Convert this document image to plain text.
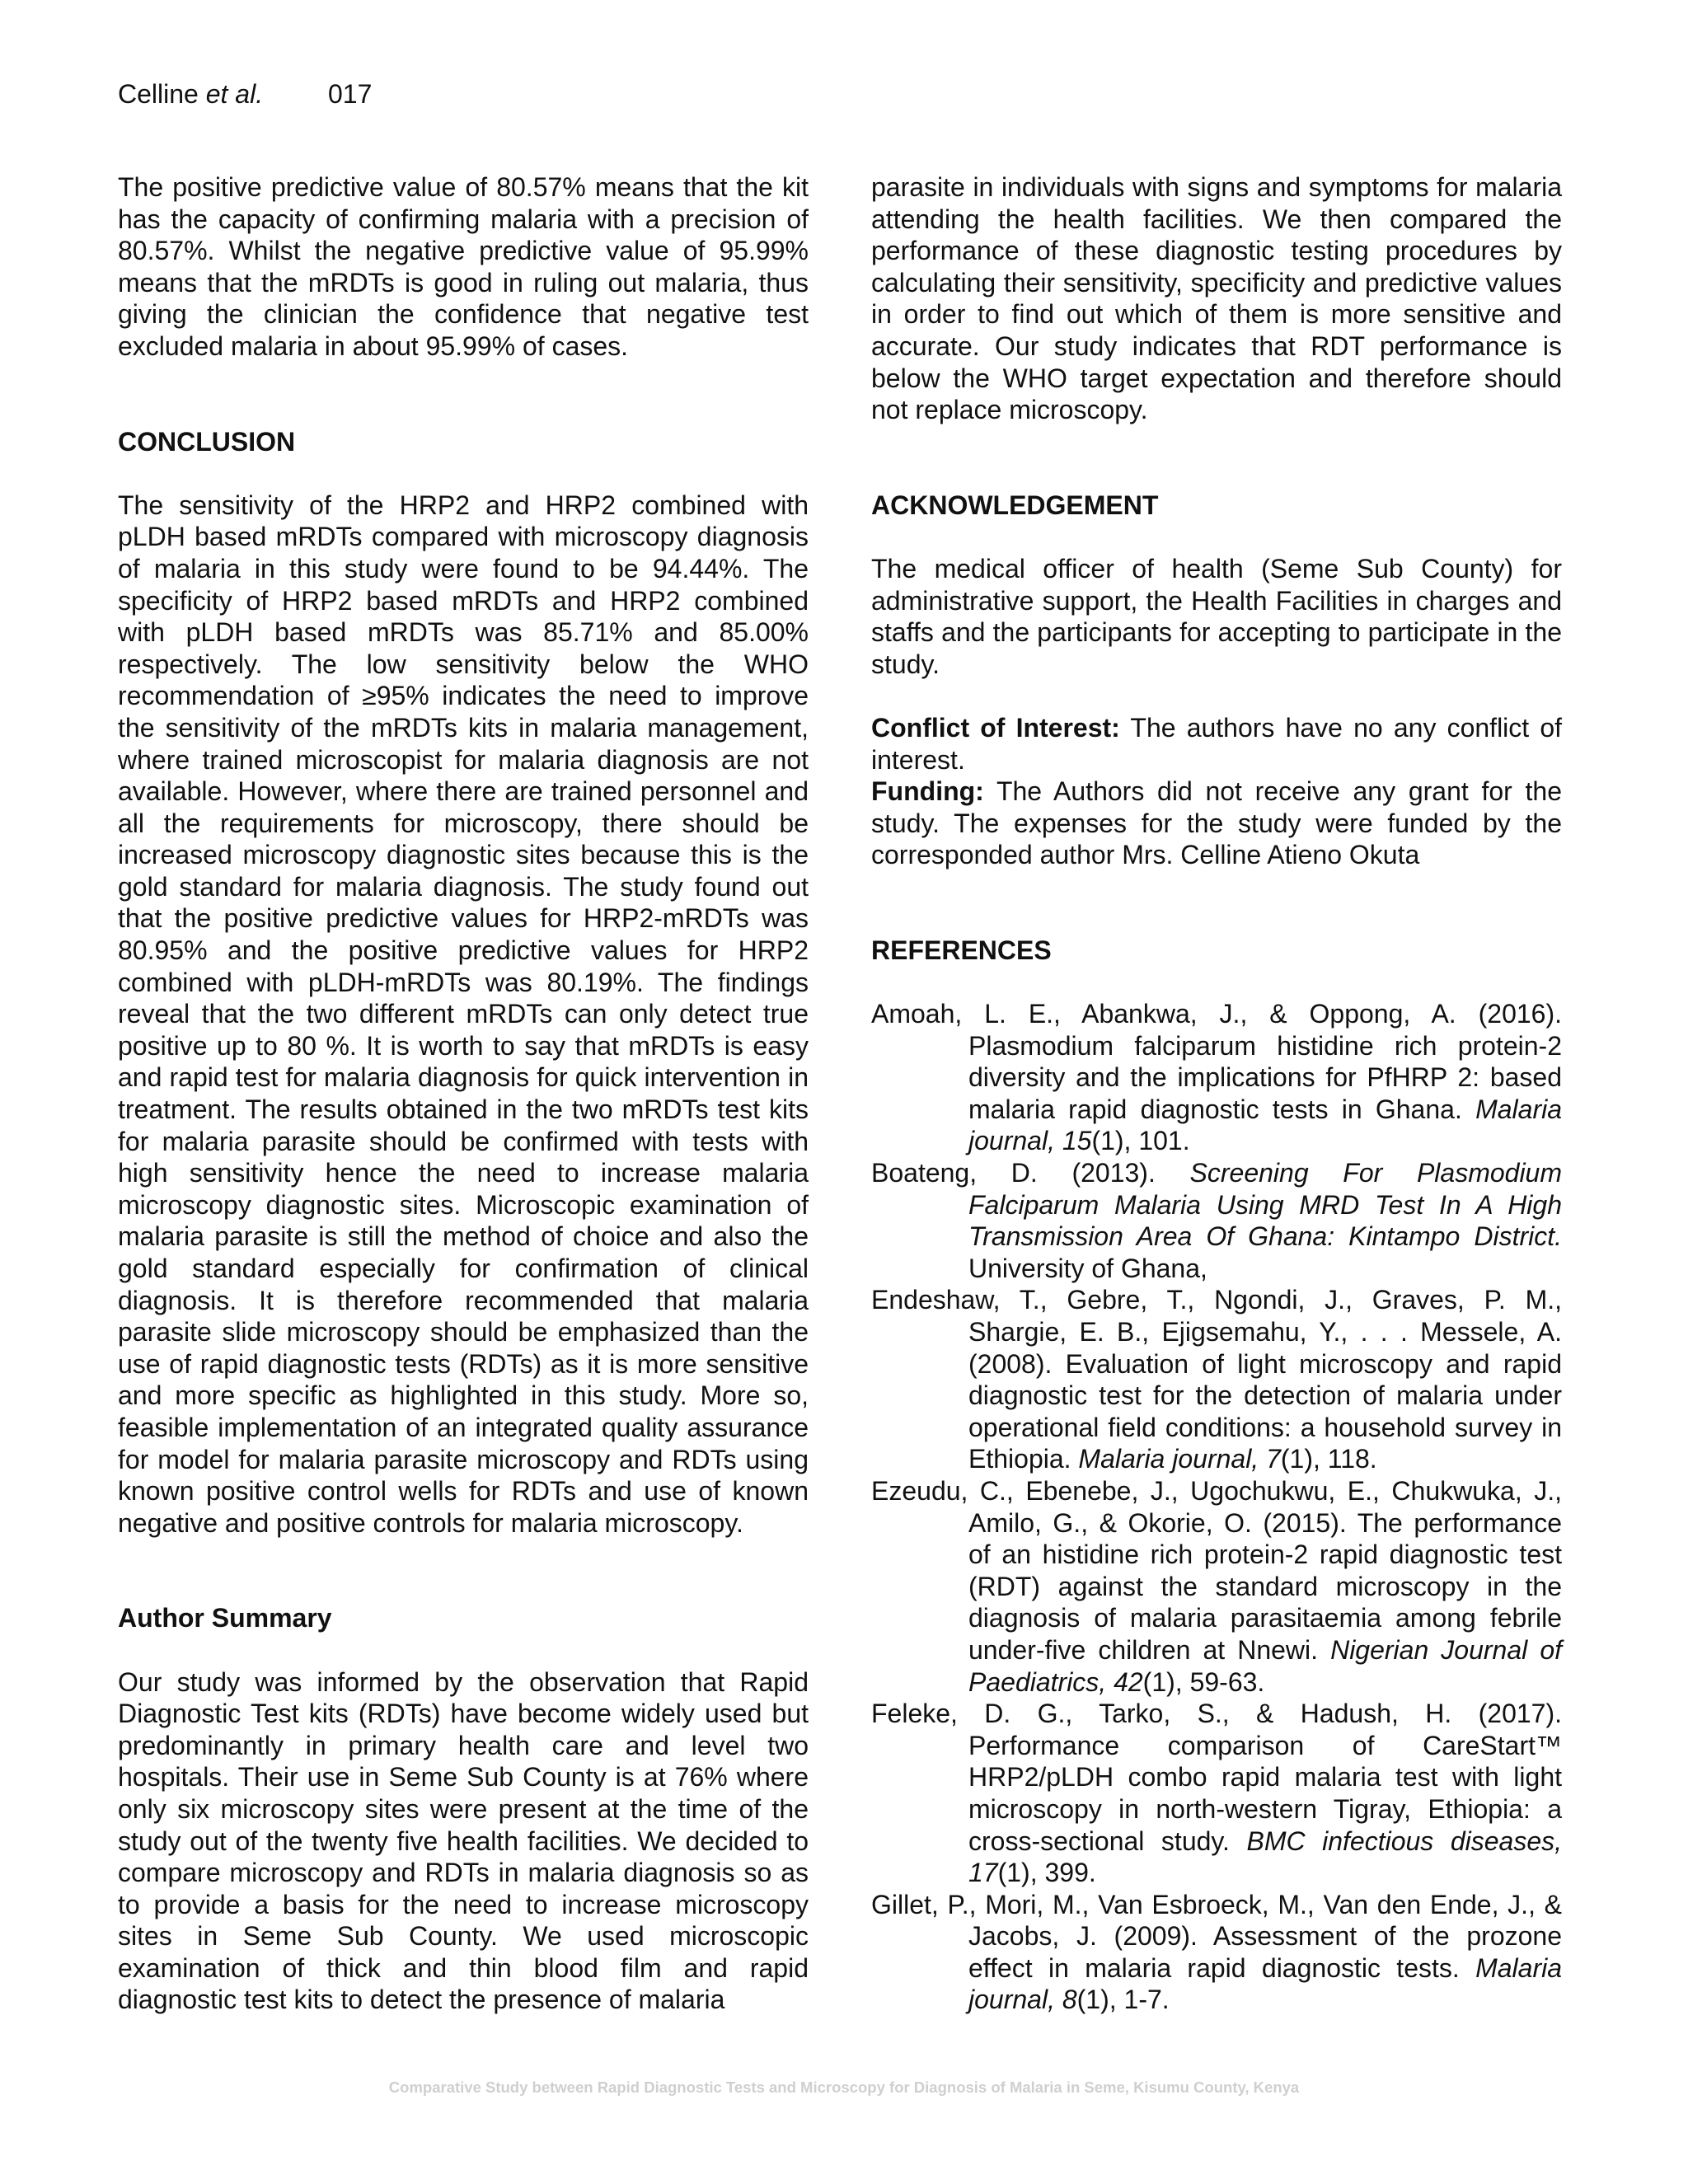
Celline et al. 017

The positive predictive value of 80.57% means that the kit has the capacity of confirming malaria with a precision of 80.57%. Whilst the negative predictive value of 95.99% means that the mRDTs is good in ruling out malaria, thus giving the clinician the confidence that negative test excluded malaria in about 95.99% of cases.

CONCLUSION

The sensitivity of the HRP2 and HRP2 combined with pLDH based mRDTs compared with microscopy diagnosis of malaria in this study were found to be 94.44%. The specificity of HRP2 based mRDTs and HRP2 combined with pLDH based mRDTs was 85.71% and 85.00% respectively. The low sensitivity below the WHO recommendation of ≥95% indicates the need to improve the sensitivity of the mRDTs kits in malaria management, where trained microscopist for malaria diagnosis are not available. However, where there are trained personnel and all the requirements for microscopy, there should be increased microscopy diagnostic sites because this is the gold standard for malaria diagnosis. The study found out that the positive predictive values for HRP2-mRDTs was 80.95% and the positive predictive values for HRP2 combined with pLDH-mRDTs was 80.19%. The findings reveal that the two different mRDTs can only detect true positive up to 80 %. It is worth to say that mRDTs is easy and rapid test for malaria diagnosis for quick intervention in treatment. The results obtained in the two mRDTs test kits for malaria parasite should be confirmed with tests with high sensitivity hence the need to increase malaria microscopy diagnostic sites. Microscopic examination of malaria parasite is still the method of choice and also the gold standard especially for confirmation of clinical diagnosis. It is therefore recommended that malaria parasite slide microscopy should be emphasized than the use of rapid diagnostic tests (RDTs) as it is more sensitive and more specific as highlighted in this study. More so, feasible implementation of an integrated quality assurance for model for malaria parasite microscopy and RDTs using known positive control wells for RDTs and use of known negative and positive controls for malaria microscopy.

Author Summary

Our study was informed by the observation that Rapid Diagnostic Test kits (RDTs) have become widely used but predominantly in primary health care and level two hospitals. Their use in Seme Sub County is at 76% where only six microscopy sites were present at the time of the study out of the twenty five health facilities. We decided to compare microscopy and RDTs in malaria diagnosis so as to provide a basis for the need to increase microscopy sites in Seme Sub County. We used microscopic examination of thick and thin blood film and rapid diagnostic test kits to detect the presence of malaria

parasite in individuals with signs and symptoms for malaria attending the health facilities. We then compared the performance of these diagnostic testing procedures by calculating their sensitivity, specificity and predictive values in order to find out which of them is more sensitive and accurate. Our study indicates that RDT performance is below the WHO target expectation and therefore should not replace microscopy.

ACKNOWLEDGEMENT

The medical officer of health (Seme Sub County) for administrative support, the Health Facilities in charges and staffs and the participants for accepting to participate in the study.

Conflict of Interest: The authors have no any conflict of interest.

Funding: The Authors did not receive any grant for the study. The expenses for the study were funded by the corresponded author Mrs. Celline Atieno Okuta

REFERENCES

Amoah, L. E., Abankwa, J., & Oppong, A. (2016). Plasmodium falciparum histidine rich protein-2 diversity and the implications for PfHRP 2: based malaria rapid diagnostic tests in Ghana. Malaria journal, 15(1), 101.

Boateng, D. (2013). Screening For Plasmodium Falciparum Malaria Using MRD Test In A High Transmission Area Of Ghana: Kintampo District. University of Ghana,

Endeshaw, T., Gebre, T., Ngondi, J., Graves, P. M., Shargie, E. B., Ejigsemahu, Y., . . . Messele, A. (2008). Evaluation of light microscopy and rapid diagnostic test for the detection of malaria under operational field conditions: a household survey in Ethiopia. Malaria journal, 7(1), 118.

Ezeudu, C., Ebenebe, J., Ugochukwu, E., Chukwuka, J., Amilo, G., & Okorie, O. (2015). The performance of an histidine rich protein-2 rapid diagnostic test (RDT) against the standard microscopy in the diagnosis of malaria parasitaemia among febrile under-five children at Nnewi. Nigerian Journal of Paediatrics, 42(1), 59-63.

Feleke, D. G., Tarko, S., & Hadush, H. (2017). Performance comparison of CareStart™ HRP2/pLDH combo rapid malaria test with light microscopy in north-western Tigray, Ethiopia: a cross-sectional study. BMC infectious diseases, 17(1), 399.

Gillet, P., Mori, M., Van Esbroeck, M., Van den Ende, J., & Jacobs, J. (2009). Assessment of the prozone effect in malaria rapid diagnostic tests. Malaria journal, 8(1), 1-7.

Comparative Study between Rapid Diagnostic Tests and Microscopy for Diagnosis of Malaria in Seme, Kisumu County, Kenya
